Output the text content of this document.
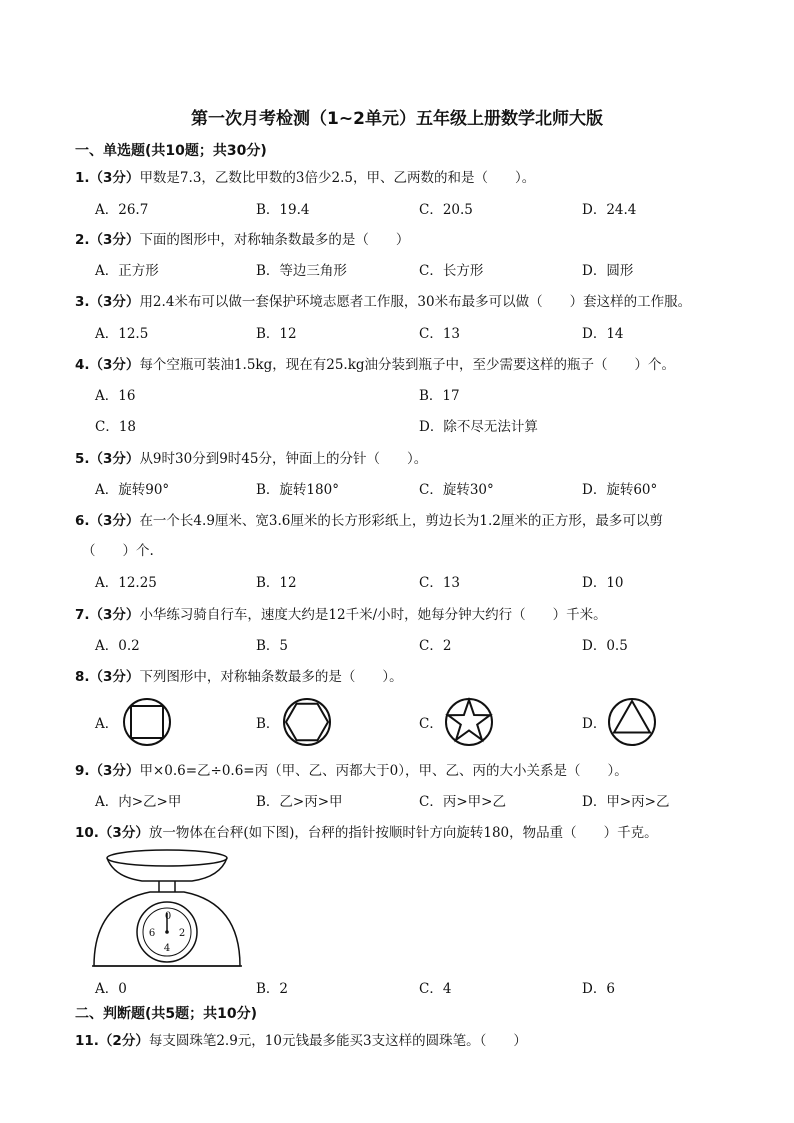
第一次月考检测（1~2单元）五年级上册数学北师大版
一、单选题(共10题；共30分)
1.（3分）甲数是7.3，乙数比甲数的3倍少2.5，甲、乙两数的和是（　　）。
A．26.7	B．19.4	C．20.5	D．24.4
2.（3分）下面的图形中，对称轴条数最多的是（　　）
A．正方形	B．等边三角形	C．长方形	D．圆形
3.（3分）用2.4米布可以做一套保护环境志愿者工作服，30米布最多可以做（　　）套这样的工作服。
A．12.5	B．12	C．13	D．14
4.（3分）每个空瓶可装油1.5kg，现在有25.kg油分装到瓶子中，至少需要这样的瓶子（　　）个。
A．16	B．17
C．18	D．除不尽无法计算
5.（3分）从9时30分到9时45分，钟面上的分针（　　）。
A．旋转90°	B．旋转180°	C．旋转30°	D．旋转60°
6.（3分）在一个长4.9厘米、宽3.6厘米的长方形彩纸上，剪边长为1.2厘米的正方形，最多可以剪
（　　）个.
A．12.25	B．12	C．13	D．10
7.（3分）小华练习骑自行车，速度大约是12千米/小时，她每分钟大约行（　　）千米。
A．0.2	B．5	C．2	D．0.5
8.（3分）下列图形中，对称轴条数最多的是（　　）。
A．	B．	C．	D．
9.（3分）甲×0.6=乙÷0.6=丙（甲、乙、丙都大于0），甲、乙、丙的大小关系是（　　）。
A．内>乙>甲	B．乙>丙>甲	C．丙>甲>乙	D．甲>丙>乙
10.（3分）放一物体在台秤(如下图)，台秤的指针按顺时针方向旋转180，物品重（　　）千克。
0
2
4
6
A．0	B．2	C．4	D．6
二、判断题(共5题；共10分)
11.（2分）每支圆珠笔2.9元，10元钱最多能买3支这样的圆珠笔。（　　）
